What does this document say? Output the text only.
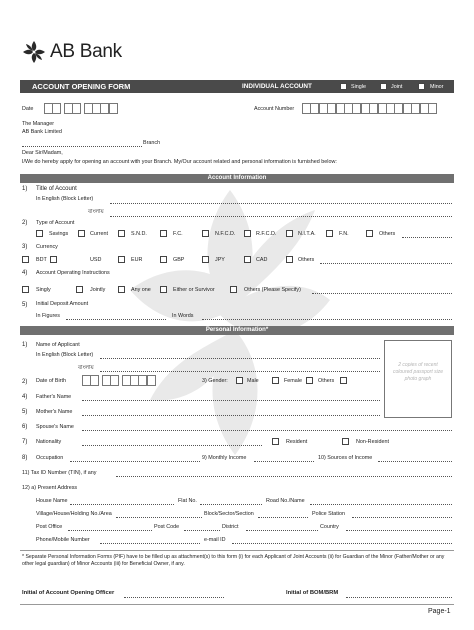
AB Bank
ACCOUNT OPENING FORM	INDIVIDUAL ACCOUNT	Single	Joint	Minor
Date	Account Number
The Manager
AB Bank Limited
Branch
Dear Sir/Madam,
I/We do hereby apply for opening an account with your Branch. My/Our account related and personal information is furnished below:
Account Information
1) Title of Account
In English (Block Letter)
বাংলায়
2) Type of Account
Savings	Current	S.N.D.	F.C.	N.F.C.D.	R.F.C.D.	N.I.T.A.	F.N.	Others
3) Currency
BDT	USD	EUR	GBP	JPY	CAD	Others
4) Account Operating Instructions
Singly	Jointly	Any one	Either or Survivor	Others (Please Specify)
5) Initial Deposit Amount
In Figures	In Words
Personal Information*
2 copies of recent coloured passport size photo graph
1) Name of Applicant
In English (Block Letter)
বাংলায়
2) Date of Birth	3) Gender:	Male	Female	Others
4) Father's Name
5) Mother's Name
6) Spouse's Name
7) Nationality	Resident	Non-Resident
8) Occupation	9) Monthly Income	10) Sources of Income
11) Tax ID Number (TIN), if any
12) a) Present Address
House Name	Flat No.	Road No./Name
Village/House/Holding No./Area	Block/Sector/Section	Police Station
Post Office	Post Code	District	Country
Phone/Mobile Number	e-mail ID
* Separate Personal Information Forms (PIF) have to be filled up as attachment(s) to this form (i) for each Applicant of Joint Accounts (ii) for Guardian of the Minor (Father/Mother or any other legal guardian) of Minor Accounts (iii) for Beneficial Owner, if any.
Initial of Account Opening Officer	Initial of BOM/BRM
Page-1
